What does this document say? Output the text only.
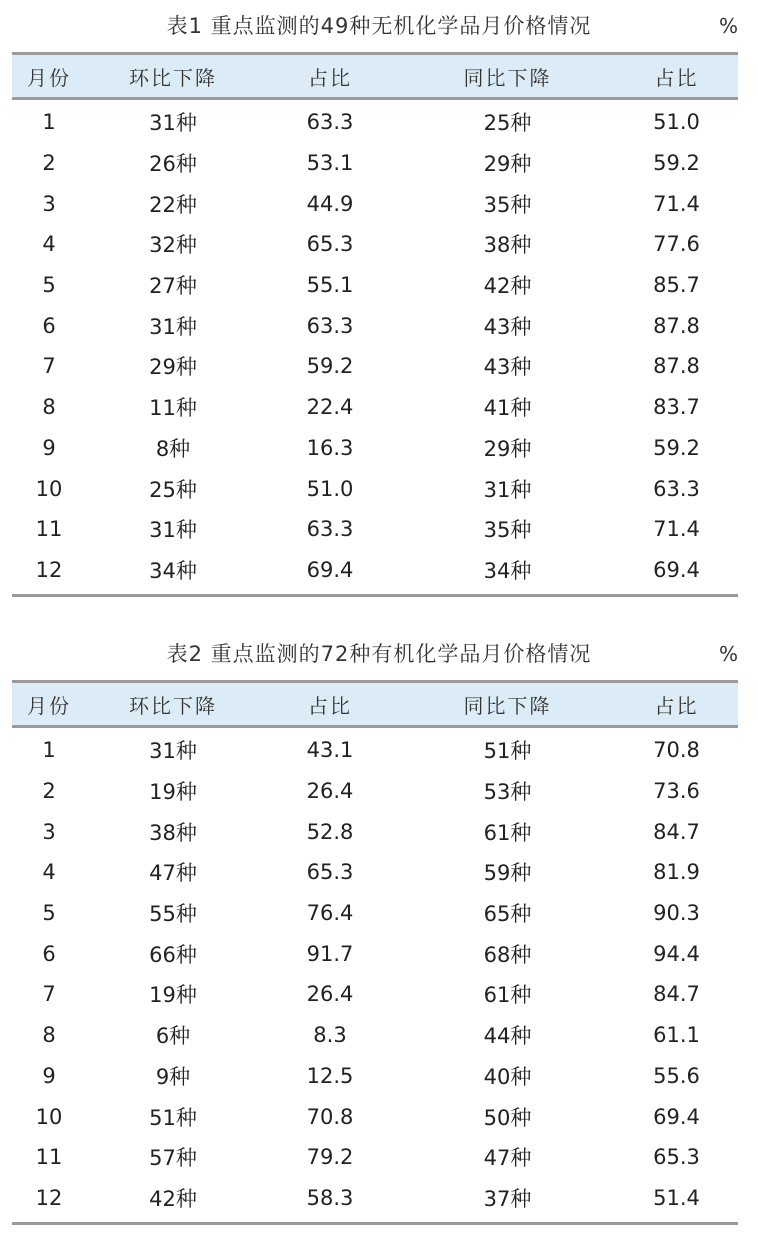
表1 重点监测的49种无机化学品月价格情况	%
月份	环比下降	占比	同比下降	占比
1	31种	63.3	25种	51.0
2	26种	53.1	29种	59.2
3	22种	44.9	35种	71.4
4	32种	65.3	38种	77.6
5	27种	55.1	42种	85.7
6	31种	63.3	43种	87.8
7	29种	59.2	43种	87.8
8	11种	22.4	41种	83.7
9	8种	16.3	29种	59.2
10	25种	51.0	31种	63.3
11	31种	63.3	35种	71.4
12	34种	69.4	34种	69.4
表2 重点监测的72种有机化学品月价格情况	%
月份	环比下降	占比	同比下降	占比
1	31种	43.1	51种	70.8
2	19种	26.4	53种	73.6
3	38种	52.8	61种	84.7
4	47种	65.3	59种	81.9
5	55种	76.4	65种	90.3
6	66种	91.7	68种	94.4
7	19种	26.4	61种	84.7
8	6种	8.3	44种	61.1
9	9种	12.5	40种	55.6
10	51种	70.8	50种	69.4
11	57种	79.2	47种	65.3
12	42种	58.3	37种	51.4
